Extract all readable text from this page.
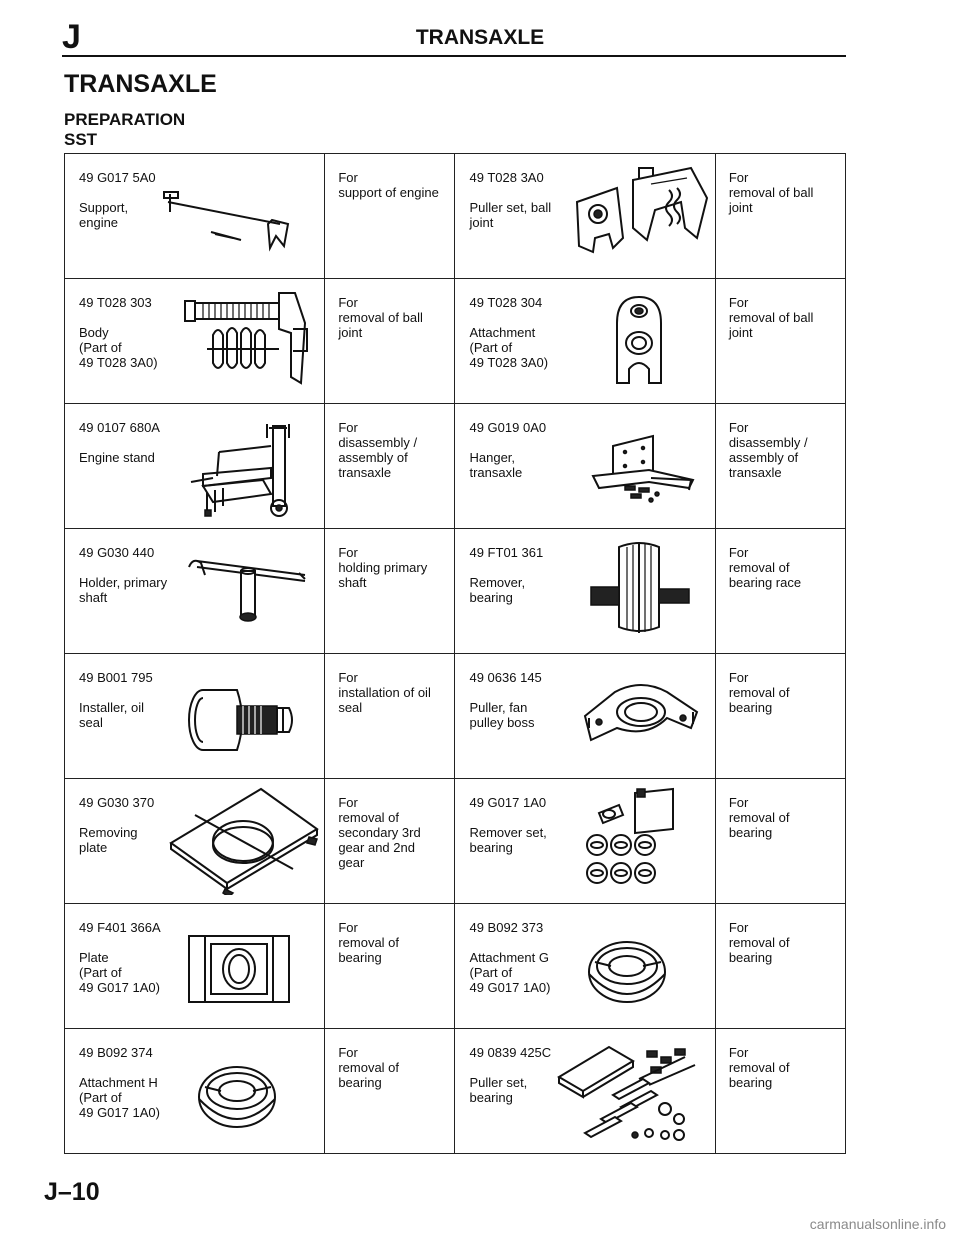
J	TRANSAXLE
TRANSAXLE
PREPARATION
SST
49 G017 5A0
Support,
engine	For
support of engine	49 T028 3A0
Puller set, ball
joint	For
removal of ball
joint

49 T028 303
Body
(Part of
49 T028 3A0)	For
removal of ball
joint	49 T028 304
Attachment
(Part of
49 T028 3A0)	For
removal of ball
joint

49 0107 680A
Engine stand	For
disassembly /
assembly of
transaxle	49 G019 0A0
Hanger,
transaxle	For
disassembly /
assembly of
transaxle

49 G030 440
Holder, primary
shaft	For
holding primary
shaft	49 FT01 361
Remover,
bearing	For
removal of
bearing race

49 B001 795
Installer, oil
seal	For
installation of oil
seal	49 0636 145
Puller, fan
pulley boss	For
removal of
bearing

49 G030 370
Removing
plate	For
removal of
secondary 3rd
gear and 2nd
gear	49 G017 1A0
Remover set,
bearing	For
removal of
bearing

49 F401 366A
Plate
(Part of
49 G017 1A0)	For
removal of
bearing	49 B092 373
Attachment G
(Part of
49 G017 1A0)	For
removal of
bearing

49 B092 374
Attachment H
(Part of
49 G017 1A0)	For
removal of
bearing	49 0839 425C
Puller set,
bearing	For
removal of
bearing
J–10
carmanualsonline.info
